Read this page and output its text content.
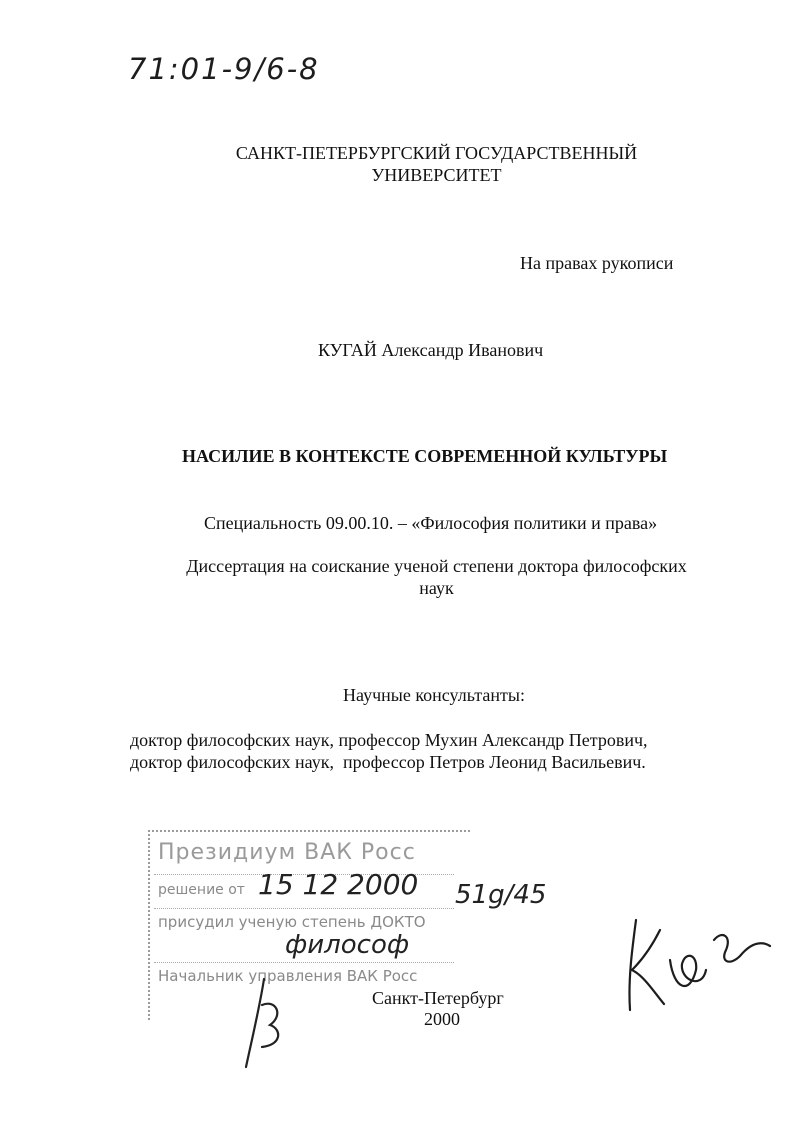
71:01-9/6-8
САНКТ-ПЕТЕРБУРГСКИЙ ГОСУДАРСТВЕННЫЙ
УНИВЕРСИТЕТ
На правах рукописи
КУГАЙ Александр Иванович
НАСИЛИЕ В КОНТЕКСТЕ СОВРЕМЕННОЙ КУЛЬТУРЫ
Специальность 09.00.10. – «Философия политики и права»
Диссертация на соискание ученой степени доктора философских
наук
Научные консультанты:
доктор философских наук, профессор Мухин Александр Петрович,
доктор философских наук,  профессор Петров Леонид Васильевич.
Президиум ВАК Росс
решение от
присудил ученую степень ДОКТО
Начальник управления ВАК Росс
15 12 2000 51g/45
философ
Санкт-Петербург
2000
